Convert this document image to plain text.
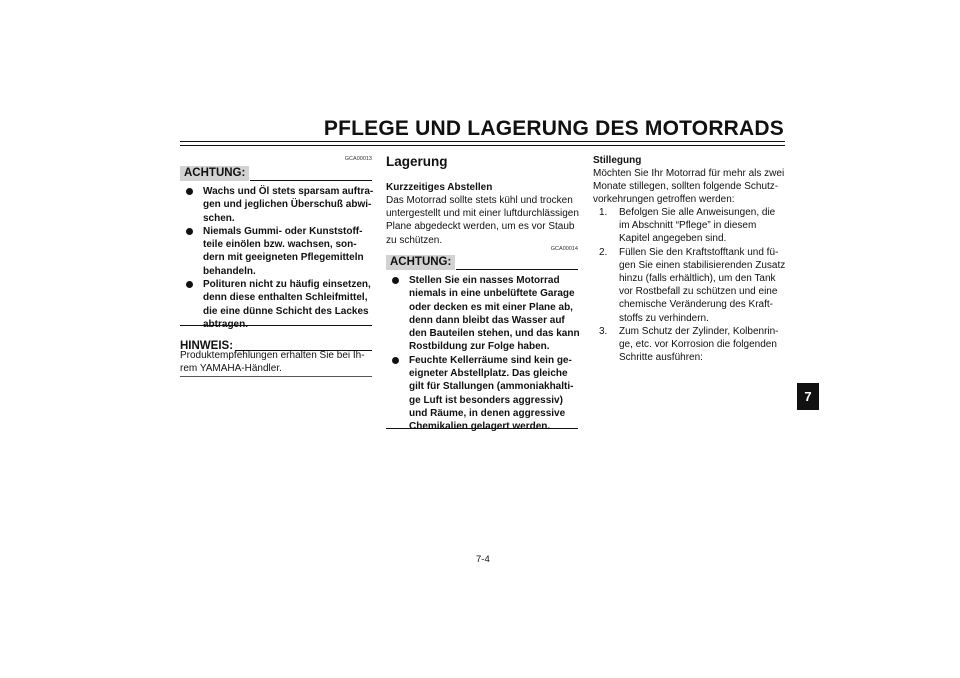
PFLEGE UND LAGERUNG DES MOTORRADS
GCA00013
ACHTUNG:
Wachs und Öl stets sparsam auftra-gen und jeglichen Überschuß abwi-schen.
Niemals Gummi- oder Kunststoff-teile einölen bzw. wachsen, son-dern mit geeigneten Pflegemitteln behandeln.
Polituren nicht zu häufig einsetzen, denn diese enthalten Schleifmittel, die eine dünne Schicht des Lackes abtragen.
HINWEIS:
Produktempfehlungen erhalten Sie bei Ih-rem YAMAHA-Händler.
Lagerung
Kurzzeitiges Abstellen
Das Motorrad sollte stets kühl und trocken untergestellt und mit einer luftdurchlässigen Plane abgedeckt werden, um es vor Staub zu schützen.
GCA00014
ACHTUNG:
Stellen Sie ein nasses Motorrad niemals in eine unbelüftete Garage oder decken es mit einer Plane ab, denn dann bleibt das Wasser auf den Bauteilen stehen, und das kann Rostbildung zur Folge haben.
Feuchte Kellerräume sind kein ge-eigneter Abstellplatz. Das gleiche gilt für Stallungen (ammoniakhalti-ge Luft ist besonders aggressiv) und Räume, in denen aggressive Chemikalien gelagert werden.
Stillegung
Möchten Sie Ihr Motorrad für mehr als zwei Monate stillegen, sollten folgende Schutz-vorkehrungen getroffen werden:
1. Befolgen Sie alle Anweisungen, die im Abschnitt “Pflege” in diesem Kapitel angegeben sind.
2. Füllen Sie den Kraftstofftank und fü-gen Sie einen stabilisierenden Zusatz hinzu (falls erhältlich), um den Tank vor Rostbefall zu schützen und eine chemische Veränderung des Kraft-stoffs zu verhindern.
3. Zum Schutz der Zylinder, Kolbenrin-ge, etc. vor Korrosion die folgenden Schritte ausführen:
7-4
7
